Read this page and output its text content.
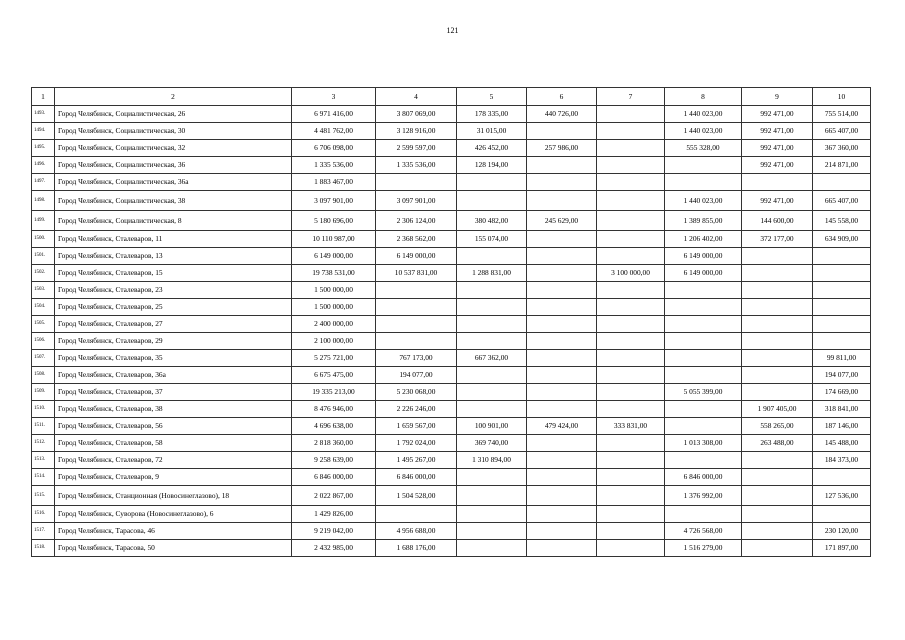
121
1	2	3	4	5	6	7	8	9	10
1493.	Город Челябинск, Социалистическая, 26	6 971 416,00	3 807 069,00	178 335,00	440 726,00		1 440 023,00	992 471,00	755 514,00
1494.	Город Челябинск, Социалистическая, 30	4 481 762,00	3 128 916,00	31 015,00			1 440 023,00	992 471,00	665 407,00
1495.	Город Челябинск, Социалистическая, 32	6 706 098,00	2 599 597,00	426 452,00	257 986,00		555 328,00	992 471,00	367 360,00
1496.	Город Челябинск, Социалистическая, 36	1 335 536,00	1 335 536,00	128 194,00				992 471,00	214 871,00
1497.	Город Челябинск, Социалистическая, 36а	1 883 467,00							
1498.	Город Челябинск, Социалистическая, 38	3 097 901,00	3 097 901,00				1 440 023,00	992 471,00	665 407,00
1499.	Город Челябинск, Социалистическая, 8	5 180 696,00	2 306 124,00	380 482,00	245 629,00		1 389 855,00	144 600,00	145 558,00
1500.	Город Челябинск, Сталеваров, 11	10 110 987,00	2 368 562,00	155 074,00			1 206 402,00	372 177,00	634 909,00
1501.	Город Челябинск, Сталеваров, 13	6 149 000,00	6 149 000,00				6 149 000,00		
1502.	Город Челябинск, Сталеваров, 15	19 738 531,00	10 537 831,00	1 288 831,00		3 100 000,00	6 149 000,00		
1503.	Город Челябинск, Сталеваров, 23	1 500 000,00							
1504.	Город Челябинск, Сталеваров, 25	1 500 000,00							
1505.	Город Челябинск, Сталеваров, 27	2 400 000,00							
1506.	Город Челябинск, Сталеваров, 29	2 100 000,00							
1507.	Город Челябинск, Сталеваров, 35	5 275 721,00	767 173,00	667 362,00					99 811,00
1508.	Город Челябинск, Сталеваров, 36а	6 675 475,00	194 077,00						194 077,00
1509.	Город Челябинск, Сталеваров, 37	19 335 213,00	5 230 068,00				5 055 399,00		174 669,00
1510.	Город Челябинск, Сталеваров, 38	8 476 946,00	2 226 246,00					1 907 405,00	318 841,00
1511.	Город Челябинск, Сталеваров, 56	4 696 638,00	1 659 567,00	100 901,00	479 424,00	333 831,00		558 265,00	187 146,00
1512.	Город Челябинск, Сталеваров, 58	2 818 360,00	1 792 024,00	369 740,00			1 013 308,00	263 488,00	145 488,00
1513.	Город Челябинск, Сталеваров, 72	9 258 639,00	1 495 267,00	1 310 894,00					184 373,00
1514.	Город Челябинск, Сталеваров, 9	6 846 000,00	6 846 000,00				6 846 000,00		
1515.	Город Челябинск, Станционная (Новосинеглазово), 18	2 022 867,00	1 504 528,00				1 376 992,00		127 536,00
1516.	Город Челябинск, Суворова (Новосинеглазово), 6	1 429 826,00							
1517.	Город Челябинск, Тарасова, 46	9 219 042,00	4 956 688,00				4 726 568,00		230 120,00
1518.	Город Челябинск, Тарасова, 50	2 432 985,00	1 688 176,00				1 516 279,00		171 897,00
